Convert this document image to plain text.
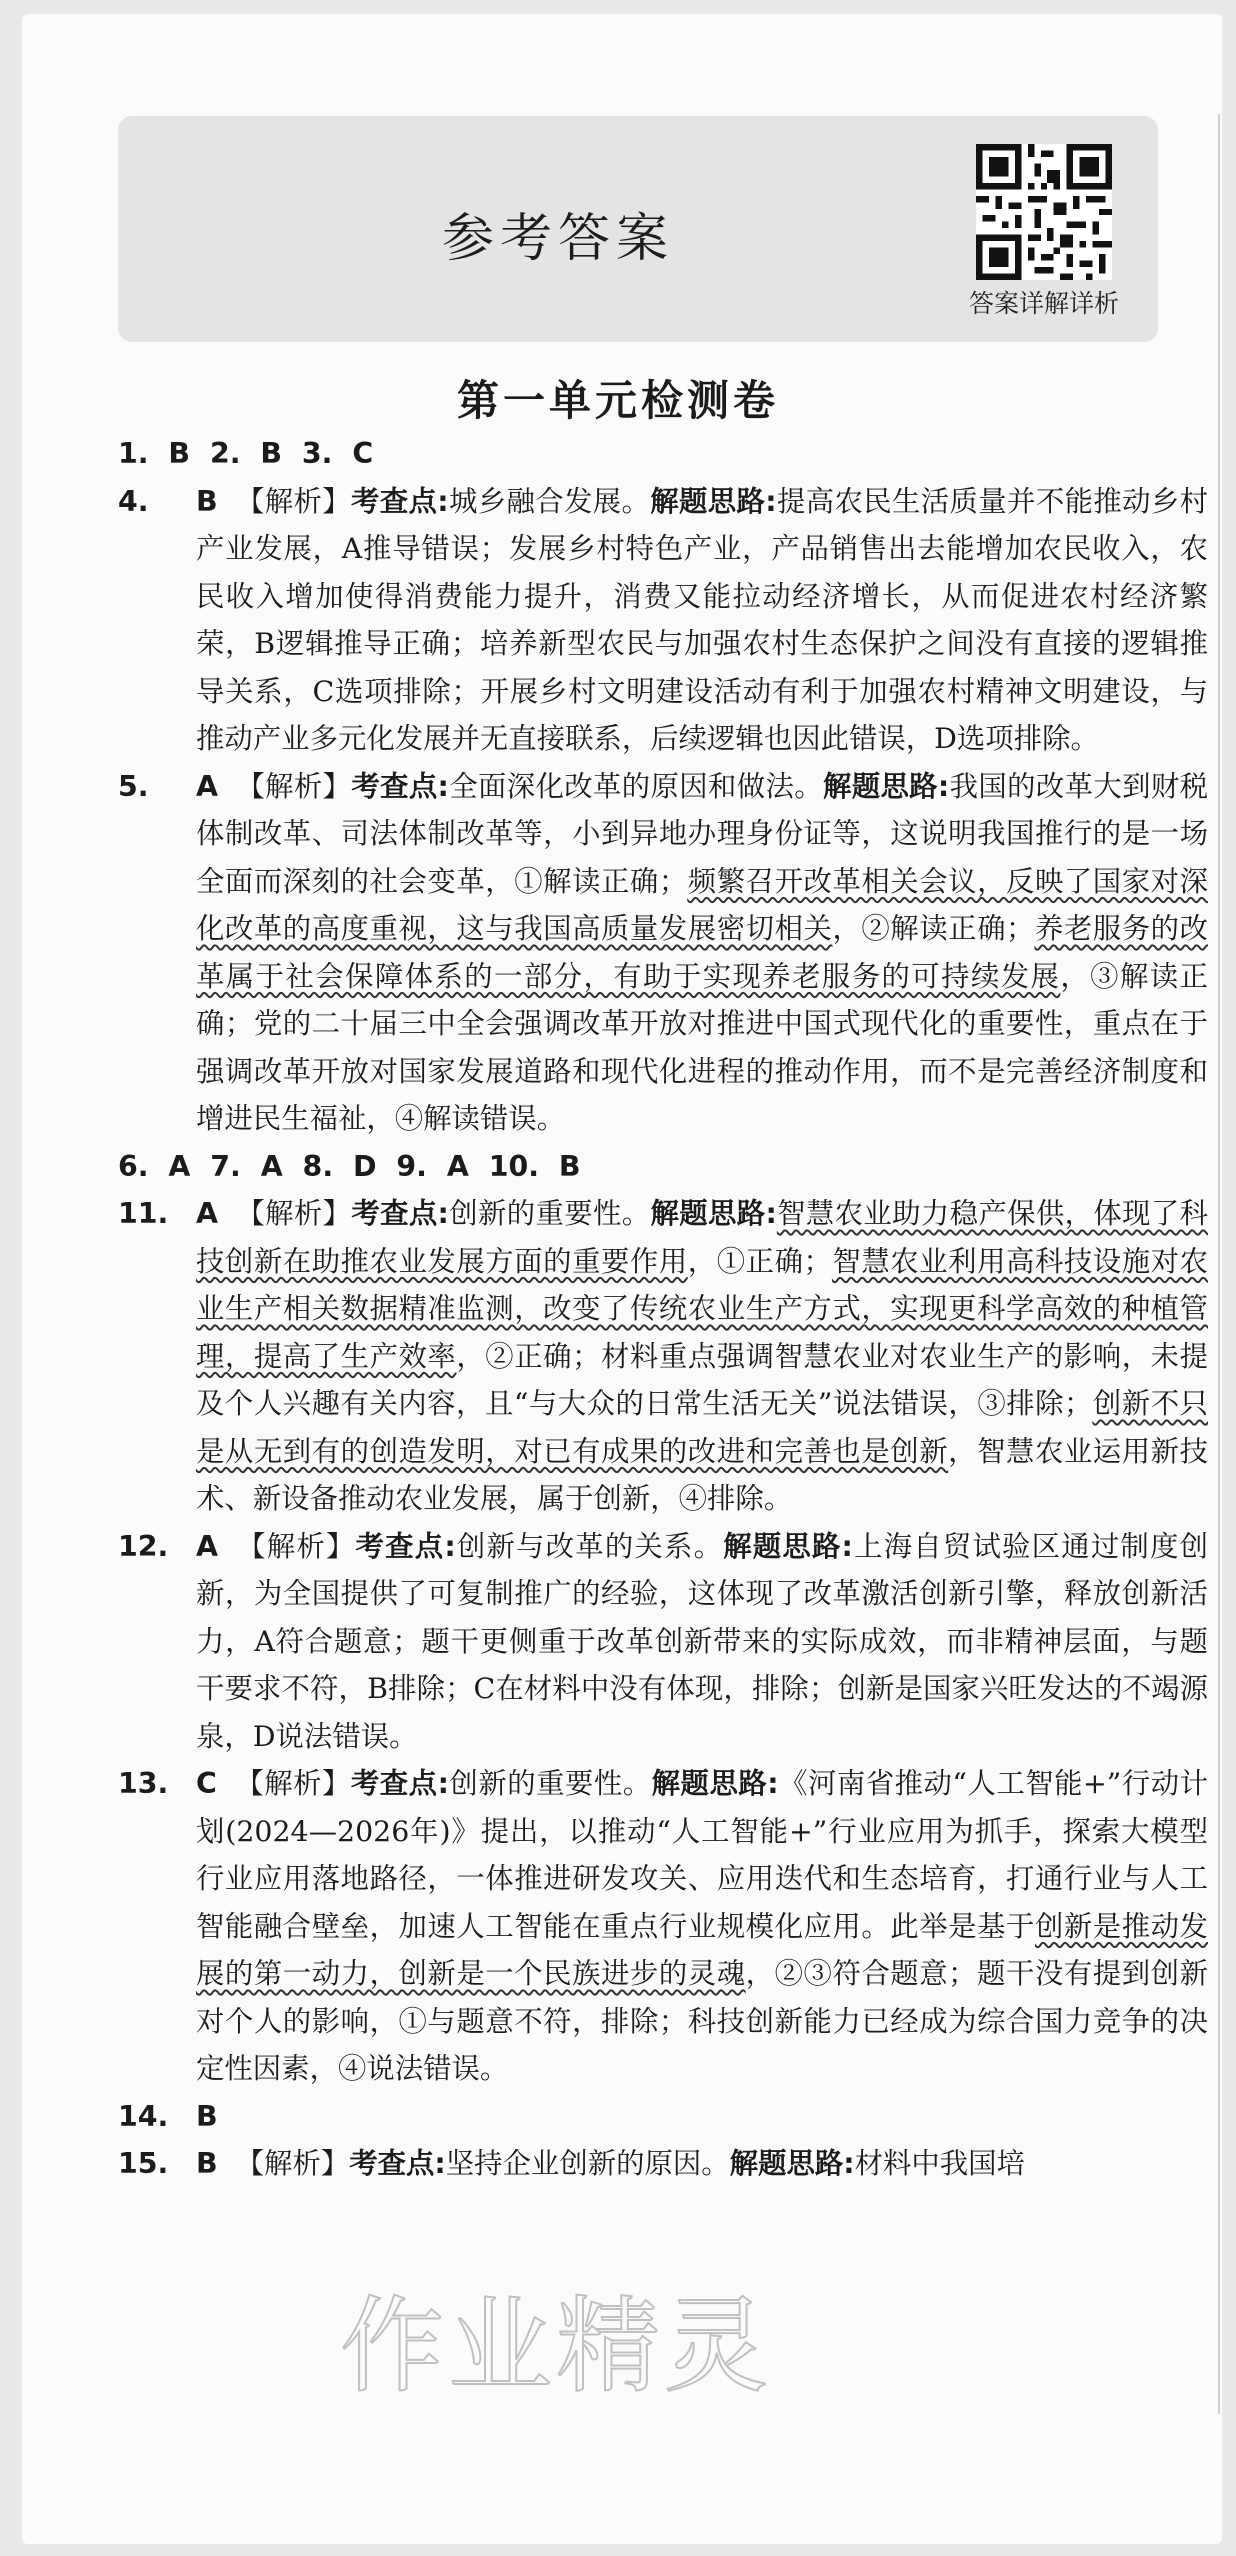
参考答案
答案详解详析
第一单元检测卷
1. B 2. B 3. C
4.	B 【解析】考查点:城乡融合发展。解题思路:提高农民生活质量并不能推动乡村产业发展，A推导错误；发展乡村特色产业，产品销售出去能增加农民收入，农民收入增加使得消费能力提升，消费又能拉动经济增长，从而促进农村经济繁荣，B逻辑推导正确；培养新型农民与加强农村生态保护之间没有直接的逻辑推导关系，C选项排除；开展乡村文明建设活动有利于加强农村精神文明建设，与推动产业多元化发展并无直接联系，后续逻辑也因此错误，D选项排除。
5.	A 【解析】考查点:全面深化改革的原因和做法。解题思路:我国的改革大到财税体制改革、司法体制改革等，小到异地办理身份证等，这说明我国推行的是一场全面而深刻的社会变革，①解读正确；频繁召开改革相关会议，反映了国家对深化改革的高度重视，这与我国高质量发展密切相关，②解读正确；养老服务的改革属于社会保障体系的一部分，有助于实现养老服务的可持续发展，③解读正确；党的二十届三中全会强调改革开放对推进中国式现代化的重要性，重点在于强调改革开放对国家发展道路和现代化进程的推动作用，而不是完善经济制度和增进民生福祉，④解读错误。
6. A 7. A 8. D 9. A 10. B
11. A 【解析】考查点:创新的重要性。解题思路:智慧农业助力稳产保供，体现了科技创新在助推农业发展方面的重要作用，①正确；智慧农业利用高科技设施对农业生产相关数据精准监测，改变了传统农业生产方式，实现更科学高效的种植管理，提高了生产效率，②正确；材料重点强调智慧农业对农业生产的影响，未提及个人兴趣有关内容，且“与大众的日常生活无关”说法错误，③排除；创新不只是从无到有的创造发明，对已有成果的改进和完善也是创新，智慧农业运用新技术、新设备推动农业发展，属于创新，④排除。
12. A 【解析】考查点:创新与改革的关系。解题思路:上海自贸试验区通过制度创新，为全国提供了可复制推广的经验，这体现了改革激活创新引擎，释放创新活力，A符合题意；题干更侧重于改革创新带来的实际成效，而非精神层面，与题干要求不符，B排除；C在材料中没有体现，排除；创新是国家兴旺发达的不竭源泉，D说法错误。
13. C 【解析】考查点:创新的重要性。解题思路:《河南省推动“人工智能+”行动计划(2024—2026年)》提出，以推动“人工智能+”行业应用为抓手，探索大模型行业应用落地路径，一体推进研发攻关、应用迭代和生态培育，打通行业与人工智能融合壁垒，加速人工智能在重点行业规模化应用。此举是基于创新是推动发展的第一动力，创新是一个民族进步的灵魂，②③符合题意；题干没有提到创新对个人的影响，①与题意不符，排除；科技创新能力已经成为综合国力竞争的决定性因素，④说法错误。
14. B
15. B 【解析】考查点:坚持企业创新的原因。解题思路:材料中我国培
作业精灵
